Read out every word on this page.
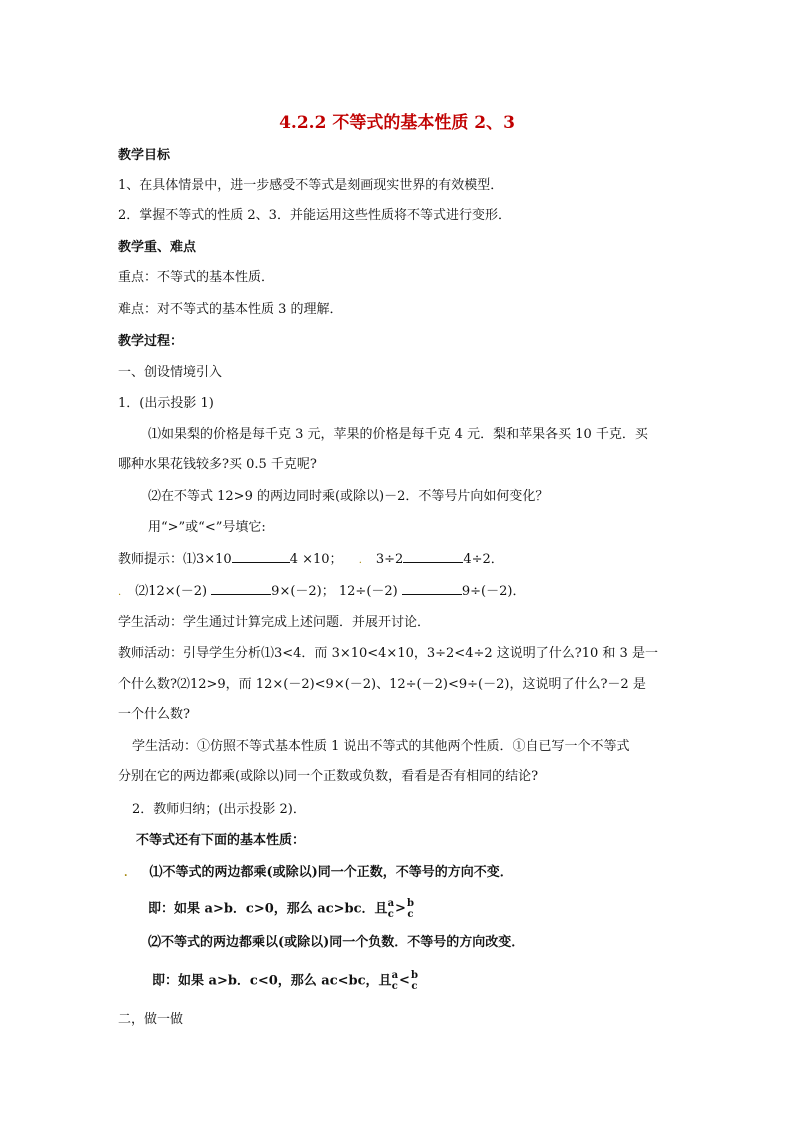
4.2.2 不等式的基本性质 2、3
教学目标
1、在具体情景中，进一步感受不等式是刻画现实世界的有效模型．
2．掌握不等式的性质 2、3．并能运用这些性质将不等式进行变形．
教学重、难点
重点：不等式的基本性质．
难点：对不等式的基本性质 3 的理解．
教学过程：
一、创设情境引入
1．(出示投影 1)
⑴如果梨的价格是每千克 3 元，苹果的价格是每千克 4 元．梨和苹果各买 10 千克．买
哪种水果花钱较多?买 0.5 千克呢?
⑵在不等式 12>9 的两边同时乘(或除以)－2．不等号片向如何变化？
用“>”或“<”号填它:
教师提示：⑴3×10	4 ×10； . 3÷2	4÷2．
. ⑵12×(－2)	9×(－2)； 12÷(－2)	9÷(－2)．
学生活动：学生通过计算完成上述问题．并展开讨论．
教师活动：引导学生分析⑴3<4．而 3×10<4×10，3÷2<4÷2 这说明了什么?10 和 3 是一
个什么数?⑵12>9，而 12×(－2)<9×(－2)、12÷(－2)<9÷(－2)，这说明了什么?－2 是
一个什么数?
学生活动：①仿照不等式基本性质 1 说出不等式的其他两个性质．①自已写一个不等式
分别在它的两边都乘(或除以)同一个正数或负数，看看是否有相同的结论?
2．教师归纳；(出示投影 2)．
不等式还有下面的基本性质：
. ⑴不等式的两边都乘(或除以)同一个正数，不等号的方向不变．
即：如果 a>b．c>0，那么 ac>bc．且 a
c > b
c
⑵不等式的两边都乘以(或除以)同一个负数．不等号的方向改变．
即：如果 a>b．c<0，那么 ac<bc，且 a
c < b
c
二，做一做
